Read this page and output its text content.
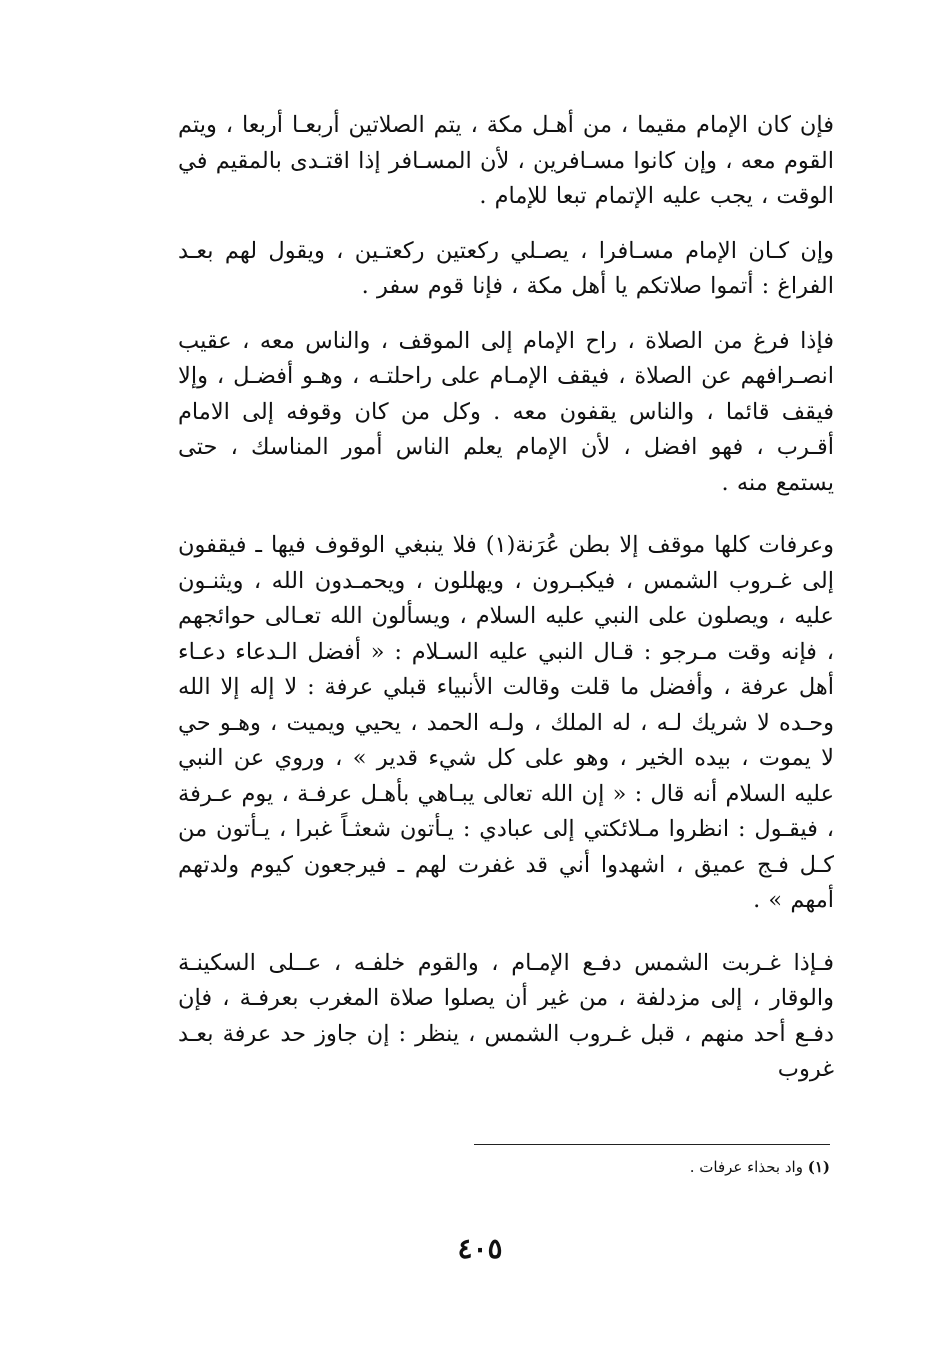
فإن كان الإمام مقيما ، من أهـل مكة ، يتم الصلاتين أربعـا أربعا ، ويتم القوم معه ، وإن كانوا مسـافرين ، لأن المسـافر إذا اقتـدى بالمقيم في الوقت ، يجب عليه الإتمام تبعا للإمام .

وإن كـان الإمام مسـافرا ، يصـلي ركعتين ركعتـين ، ويقول لهم بعـد الفراغ : أتموا صلاتكم يا أهل مكة ، فإنا قوم سفر .

فإذا فرغ من الصلاة ، راح الإمام إلى الموقف ، والناس معه ، عقيب انصـرافهم عن الصلاة ، فيقف الإمـام على راحلتـه ، وهـو أفضـل ، وإلا فيقف قائما ، والناس يقفون معه . وكل من كان وقوفه إلى الامام أقـرب ، فهو افضل ، لأن الإمام يعلم الناس أمور المناسك ، حتى يستمع منه .

وعرفات كلها موقف إلا بطن عُرَنة(١) فلا ينبغي الوقوف فيها ـ فيقفون إلى غـروب الشمس ، فيكبـرون ، ويهللون ، ويحمـدون الله ، ويثنـون عليه ، ويصلون على النبي عليه السلام ، ويسألون الله تعـالى حوائجهم ، فإنه وقت مـرجو : قـال النبي عليه السـلام : « أفضل الـدعاء دعـاء أهل عرفة ، وأفضل ما قلت وقالت الأنبياء قبلي عرفة : لا إله إلا الله وحـده لا شريك لـه ، له الملك ، ولـه الحمد ، يحيي ويميت ، وهـو حي لا يموت ، بيده الخير ، وهو على كل شيء قدير » ، وروي عن النبي عليه السلام أنه قال : « إن الله تعالى يبـاهي بأهـل عرفـة ، يوم عـرفة ، فيقـول : انظروا مـلائكتي إلى عبادي : يـأتون شعثـاً غبرا ، يـأتون من كـل فـج عميق ، اشهدوا أني قد غفرت لهم ـ فيرجعون كيوم ولدتهم أمهم » .

فـإذا غـربت الشمس دفـع الإمـام ، والقوم خلفـه ، عــلى السكينـة والوقار ، إلى مزدلفة ، من غير أن يصلوا صلاة المغرب بعرفـة ، فإن دفـع أحد منهم ، قبل غـروب الشمس ، ينظر : إن جاوز حد عرفة بعـد غروب

(١) واد بحذاء عرفات .
٤٠٥
